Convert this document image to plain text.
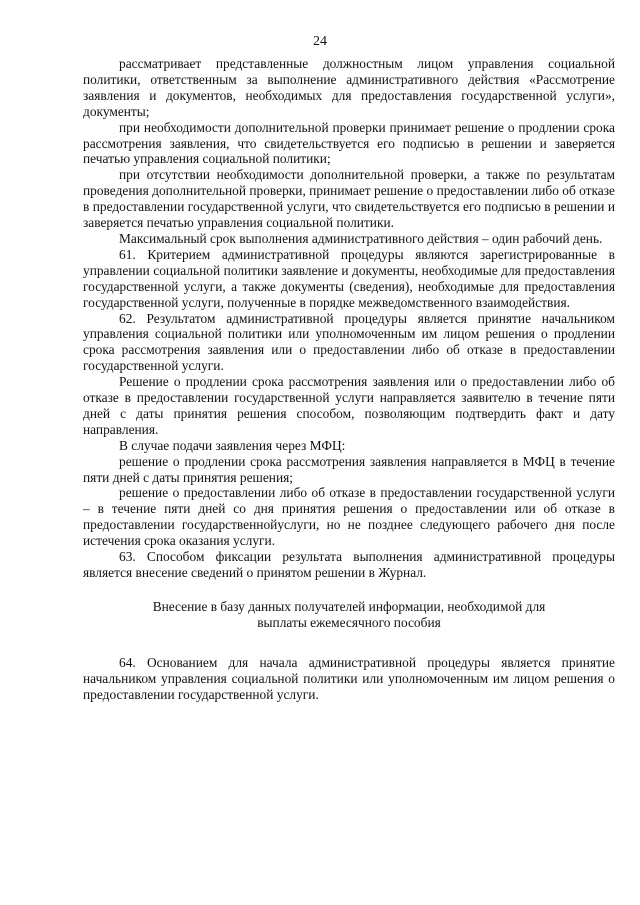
24

рассматривает представленные должностным лицом управления социальной политики, ответственным за выполнение административного действия «Рассмотрение заявления и документов, необходимых для предоставления государственной услуги», документы;

при необходимости дополнительной проверки принимает решение о продлении срока рассмотрения заявления, что свидетельствуется его подписью в решении и заверяется печатью управления социальной политики;

при отсутствии необходимости дополнительной проверки, а также по результатам проведения дополнительной проверки, принимает решение о предоставлении либо об отказе в предоставлении государственной услуги, что свидетельствуется его подписью в решении и заверяется печатью управления социальной политики.

Максимальный срок выполнения административного действия – один рабочий день.

61. Критерием административной процедуры являются зарегистрированные в управлении социальной политики заявление и документы, необходимые для предоставления государственной услуги, а также документы (сведения), необходимые для предоставления государственной услуги, полученные в порядке межведомственного взаимодействия.

62. Результатом административной процедуры является принятие начальником управления социальной политики или уполномоченным им лицом решения о продлении срока рассмотрения заявления или о предоставлении либо об отказе в предоставлении государственной услуги.

Решение о продлении срока рассмотрения заявления или о предоставлении либо об отказе в предоставлении государственной услуги направляется заявителю в течение пяти дней с даты принятия решения способом, позволяющим подтвердить факт и дату направления.

В случае подачи заявления через МФЦ:

решение о продлении срока рассмотрения заявления направляется в МФЦ в течение пяти дней с даты принятия решения;

решение о предоставлении либо об отказе в предоставлении государственной услуги – в течение пяти дней со дня принятия решения о предоставлении или об отказе в предоставлении государственнойуслуги, но не позднее следующего рабочего дня после истечения срока оказания услуги.

63. Способом фиксации результата выполнения административной процедуры является внесение сведений о принятом решении в Журнал.

Внесение в базу данных получателей информации, необходимой для выплаты ежемесячного пособия

64. Основанием для начала административной процедуры является принятие начальником управления социальной политики или уполномоченным им лицом решения о предоставлении государственной услуги.
